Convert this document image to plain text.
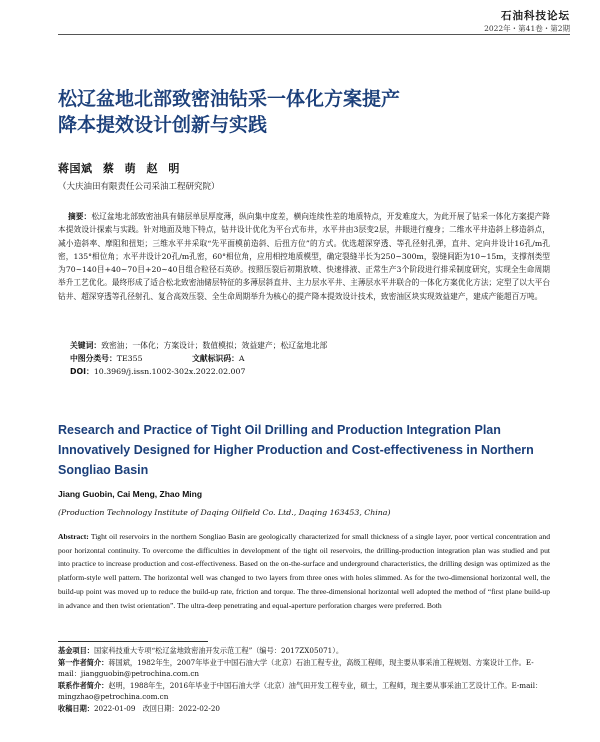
石油科技论坛
2022年・第41卷・第2期
松辽盆地北部致密油钻采一体化方案提产
降本提效设计创新与实践
蒋国斌 蔡 萌 赵 明
（大庆油田有限责任公司采油工程研究院）
摘要：松辽盆地北部致密油具有储层单层厚度薄，纵向集中度差，横向连续性差的地质特点，开发难度大，为此开展了钻采一体化方案提产降本提效设计探索与实践。针对地面及地下特点，钻井设计优化为平台式布井，水平井由3层变2层，井眼进行瘦身；二维水平井造斜上移造斜点，减小造斜率、摩阻和扭矩；三维水平井采取“先平面模前造斜、后扭方位”的方式。优选超深穿透、等孔径射孔弹，直井、定向井设计16孔/m孔密，135°相位角；水平井设计20孔/m孔密，60°相位角，应用相控地质模型，确定裂缝半长为250~300m，裂缝间距为10~15m，支撑剂类型为70~140目+40~70目+20~40目组合粒径石英砂。按照压裂后初期放喷、快速排液、正常生产3个阶段进行排采制度研究，实现全生命周期举升工艺优化。最终形成了适合松北致密油储层特征的多薄层斜直井、主力层水平井、主薄层水平井联合的一体化方案优化方法；定型了以大平台钻井、超深穿透等孔径射孔、复合高效压裂、全生命周期举升为核心的提产降本提效设计技术，致密油区块实现效益建产，建成产能超百万吨。
关键词：致密油；一体化；方案设计；数值模拟；效益建产；松辽盆地北部
中图分类号：TE355	文献标识码：A
DOI：10.3969/j.issn.1002-302x.2022.02.007
Research and Practice of Tight Oil Drilling and Production Integration Plan
Innovatively Designed for Higher Production and Cost-effectiveness in Northern
Songliao Basin
Jiang Guobin, Cai Meng, Zhao Ming
(Production Technology Institute of Daqing Oilfield Co. Ltd., Daqing 163453, China)
Abstract: Tight oil reservoirs in the northern Songliao Basin are geologically characterized for small thickness of a single layer, poor vertical concentration and poor horizontal continuity. To overcome the difficulties in development of the tight oil reservoirs, the drilling-production integration plan was studied and put into practice to increase production and cost-effectiveness. Based on the on-the-surface and underground characteristics, the drilling design was optimized as the platform-style well pattern. The horizontal well was changed to two layers from three ones with holes slimmed. As for the two-dimensional horizontal well, the build-up point was moved up to reduce the build-up rate, friction and torque. The three-dimensional horizontal well adopted the method of “first plane build-up in advance and then twist orientation”. The ultra-deep penetrating and equal-aperture perforation charges were preferred. Both

基金项目：国家科技重大专项“松辽盆地致密油开发示范工程”（编号：2017ZX05071）。

第一作者简介：蒋国斌，1982年生，2007年毕业于中国石油大学（北京）石油工程专业，高级工程师，现主要从事采油工程规划、方案设计工作。E-mail：jiangguobin@petrochina.com.cn

联系作者简介：赵明，1988年生，2016年毕业于中国石油大学（北京）油气田开发工程专业，硕士，工程师，现主要从事采油工艺设计工作。E-mail：mingzhao@petrochina.com.cn

收稿日期：2022-01-09　改回日期：2022-02-20
